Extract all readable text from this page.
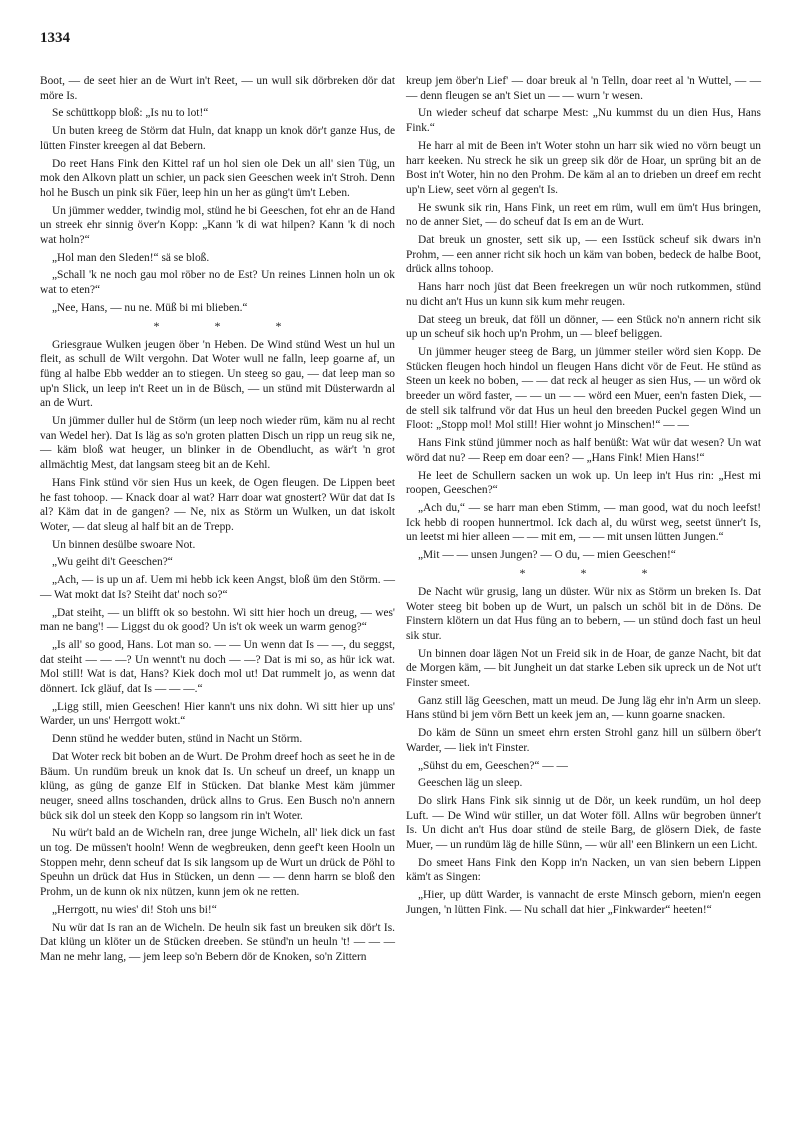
1334

Boot, — de seet hier an de Wurt in't Reet, — un wull sik dörbreken dör dat möre Is.

Se schüttkopp bloß: „Is nu to lot!“

Un buten kreeg de Störm dat Huln, dat knapp un knok dör't ganze Hus, de lütten Finster kreegen al dat Bebern.

Do reet Hans Fink den Kittel raf un hol sien ole Dek un all' sien Tüg, un mok den Alkovn platt un schier, un pack sien Geeschen week in't Stroh. Denn hol he Busch un pink sik Füer, leep hin un her as güng't üm't Leben.

Un jümmer wedder, twindig mol, stünd he bi Geeschen, fot ehr an de Hand un streek ehr sinnig över'n Kopp: „Kann 'k di wat hilpen? Kann 'k di noch wat holn?“

„Hol man den Sleden!“ sä se bloß.

„Schall 'k ne noch gau mol röber no de Est? Un reines Linnen holn un ok wat to eten?“

„Nee, Hans, — nu ne. Müß bi mi blieben.“

* * *

Griesgraue Wulken jeugen öber 'n Heben. De Wind stünd West un hul un fleit, as schull de Wilt vergohn. Dat Woter wull ne falln, leep goarne af, un füng al halbe Ebb wedder an to stiegen. Un steeg so gau, — dat leep man so up'n Slick, un leep in't Reet un in de Büsch, — un stünd mit Düsterwardn al an de Wurt.

Un jümmer duller hul de Störm (un leep noch wieder rüm, käm nu al recht van Wedel her). Dat Is läg as so'n groten platten Disch un ripp un reug sik ne, — käm bloß wat heuger, un blinker in de Obendlucht, as wär't 'n grot allmächtig Mest, dat langsam steeg bit an de Kehl.

Hans Fink stünd vör sien Hus un keek, de Ogen fleugen. De Lippen beet he fast tohoop. — Knack doar al wat? Harr doar wat gnostert? Wür dat dat Is al? Käm dat in de gangen? — Ne, nix as Störm un Wulken, un dat iskolt Woter, — dat sleug al half bit an de Trepp.

Un binnen desülbe swoare Not.

„Wu geiht di't Geeschen?“

„Ach, — is up un af. Uem mi hebb ick keen Angst, bloß üm den Störm. — — Wat mokt dat Is? Steiht dat' noch so?“

„Dat steiht, — un blifft ok so bestohn. Wi sitt hier hoch un dreug, — wes' man ne bang'! — Liggst du ok good? Un is't ok week un warm genog?“

„Is all' so good, Hans. Lot man so. — — Un wenn dat Is — —, du seggst, dat steiht — — —? Un wennt't nu doch — —? Dat is mi so, as hür ick wat. Mol still! Wat is dat, Hans? Kiek doch mol ut! Dat rummelt jo, as wenn dat dönnert. Ick gläuf, dat Is — — —.“

„Ligg still, mien Geeschen! Hier kann't uns nix dohn. Wi sitt hier up uns' Warder, un uns' Herrgott wokt.“

Denn stünd he wedder buten, stünd in Nacht un Störm.

Dat Woter reck bit boben an de Wurt. De Prohm dreef hoch as seet he in de Bäum. Un rundüm breuk un knok dat Is. Un scheuf un dreef, un knapp un klüng, as güng de ganze Elf in Stücken. Dat blanke Mest käm jümmer neuger, sneed allns toschanden, drück allns to Grus. Een Busch no'n annern bück sik dol un steek den Kopp so langsom rin in't Woter.

Nu wür't bald an de Wicheln ran, dree junge Wicheln, all' liek dick un fast un tog. De müssen't hooln! Wenn de wegbreuken, denn geef't keen Hooln un Stoppen mehr, denn scheuf dat Is sik langsom up de Wurt un drück de Pöhl to Speuhn un drück dat Hus in Stücken, un denn — — denn harrn se bloß den Prohm, un de kunn ok nix nützen, kunn jem ok ne retten.

„Herrgott, nu wies' di! Stoh uns bi!“

Nu wür dat Is ran an de Wicheln. De heuln sik fast un breuken sik dör't Is. Dat klüng un klöter un de Stücken dreeben. Se stünd'n un heuln 't! — — — Man ne mehr lang, — jem leep so'n Bebern dör de Knoken, so'n Zittern

kreup jem öber'n Lief' — doar breuk al 'n Telln, doar reet al 'n Wuttel, — — — denn fleugen se an't Siet un — — wurn 'r wesen.

Un wieder scheuf dat scharpe Mest: „Nu kummst du un dien Hus, Hans Fink.“

He harr al mit de Been in't Woter stohn un harr sik wied no vörn beugt un harr keeken. Nu streck he sik un greep sik dör de Hoar, un sprüng bit an de Bost in't Woter, hin no den Prohm. De käm al an to drieben un dreef em recht up'n Liew, seet vörn al gegen't Is.

He swunk sik rin, Hans Fink, un reet em rüm, wull em üm't Hus bringen, no de anner Siet, — do scheuf dat Is em an de Wurt.

Dat breuk un gnoster, sett sik up, — een Isstück scheuf sik dwars in'n Prohm, — een anner richt sik hoch un käm van boben, bedeck de halbe Boot, drück allns tohoop.

Hans harr noch jüst dat Been freekregen un wür noch rutkommen, stünd nu dicht an't Hus un kunn sik kum mehr reugen.

Dat steeg un breuk, dat föll un dönner, — een Stück no'n annern richt sik up un scheuf sik hoch up'n Prohm, un — bleef beliggen.

Un jümmer heuger steeg de Barg, un jümmer steiler wörd sien Kopp. De Stücken fleugen hoch hindol un fleugen Hans dicht vör de Feut. He stünd as Steen un keek no boben, — — dat reck al heuger as sien Hus, — un wörd ok breeder un wörd faster, — — un — — wörd een Muer, een'n fasten Diek, — de stell sik talfrund vör dat Hus un heul den breeden Puckel gegen Wind un Floot: „Stopp mol! Mol still! Hier wohnt jo Minschen!“ — —

Hans Fink stünd jümmer noch as half benüßt: Wat wür dat wesen? Un wat wörd dat nu? — Reep em doar een? — „Hans Fink! Mien Hans!“

He leet de Schullern sacken un wok up. Un leep in't Hus rin: „Hest mi roopen, Geeschen?“

„Ach du,“ — se harr man eben Stimm, — man good, wat du noch leefst! Ick hebb di roopen hunnertmol. Ick dach al, du würst weg, seetst ünner't Is, un leetst mi hier alleen — — mit em, — — mit unsen lütten Jungen.“

„Mit — — unsen Jungen? — O du, — mien Geeschen!“

* * *

De Nacht wür grusig, lang un düster. Wür nix as Störm un breken Is. Dat Woter steeg bit boben up de Wurt, un palsch un schöl bit in de Döns. De Finstern klötern un dat Hus füng an to bebern, — un stünd doch fast un heul sik stur.

Un binnen doar lägen Not un Freid sik in de Hoar, de ganze Nacht, bit dat de Morgen käm, — bit Jungheit un dat starke Leben sik upreck un de Not ut't Finster smeet.

Ganz still läg Geeschen, matt un meud. De Jung läg ehr in'n Arm un sleep. Hans stünd bi jem vörn Bett un keek jem an, — kunn goarne snacken.

Do käm de Sünn un smeet ehrn ersten Strohl ganz hill un sülbern öber't Warder, — liek in't Finster.

„Sühst du em, Geeschen?“ — —

Geeschen läg un sleep.

Do slirk Hans Fink sik sinnig ut de Dör, un keek rundüm, un hol deep Luft. — De Wind wür stiller, un dat Woter föll. Allns wür begroben ünner't Is. Un dicht an't Hus doar stünd de steile Barg, de glösern Diek, de faste Muer, — un rundüm läg de hille Sünn, — wür all' een Blinkern un een Licht.

Do smeet Hans Fink den Kopp in'n Nacken, un van sien bebern Lippen käm't as Singen:

„Hier, up dütt Warder, is vannacht de erste Minsch geborn, mien'n eegen Jungen, 'n lütten Fink. — Nu schall dat hier „Finkwarder“ heeten!“
